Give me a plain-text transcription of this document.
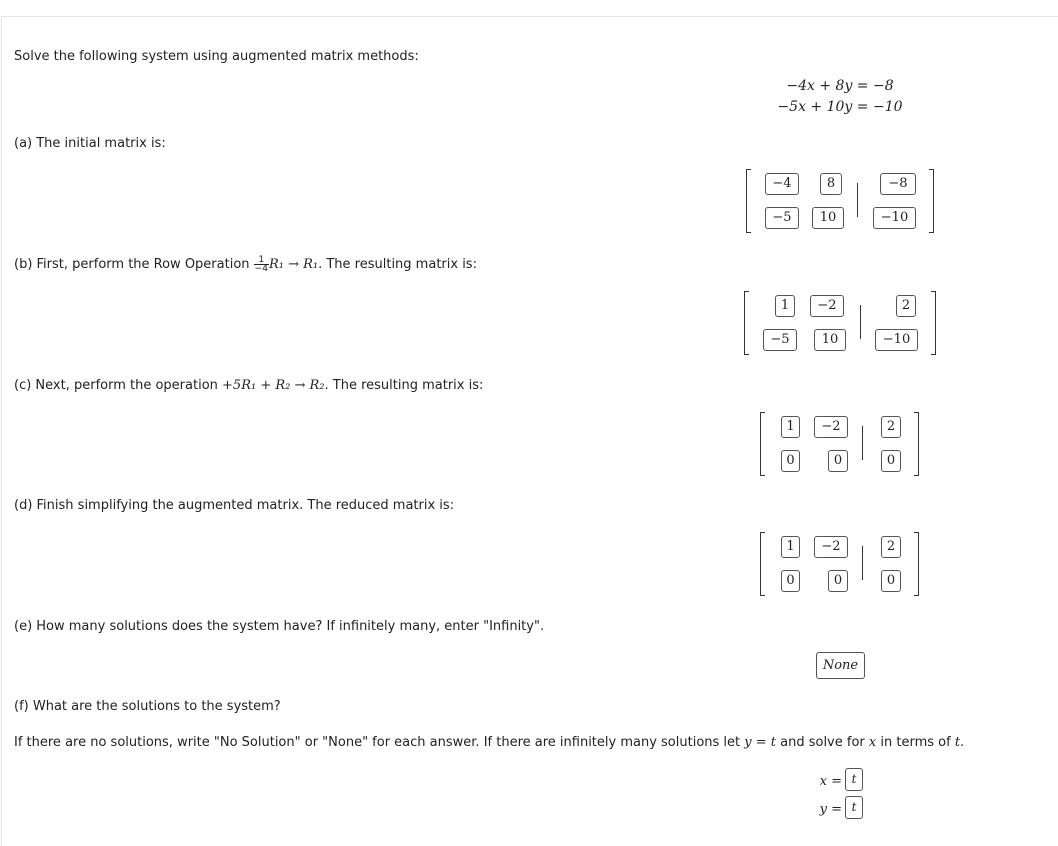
Solve the following system using augmented matrix methods:
−4x + 8y = −8
−5x + 10y = −10
(a) The initial matrix is:
−4	8	−8
−5	10	−10
(b) First, perform the Row Operation $\frac{1}{-4} R_1 \to R_1$. The resulting matrix is:
1	−2	2
−5	10	−10
(c) Next, perform the operation +5R₁ + R₂ → R₂. The resulting matrix is:
1	−2	2
0	0	0
(d) Finish simplifying the augmented matrix. The reduced matrix is:
1	−2	2
0	0	0
(e) How many solutions does the system have? If infinitely many, enter "Infinity".
None
(f) What are the solutions to the system?
If there are no solutions, write "No Solution" or "None" for each answer. If there are infinitely many solutions let y = t and solve for x in terms of t.
x = t
y = t
